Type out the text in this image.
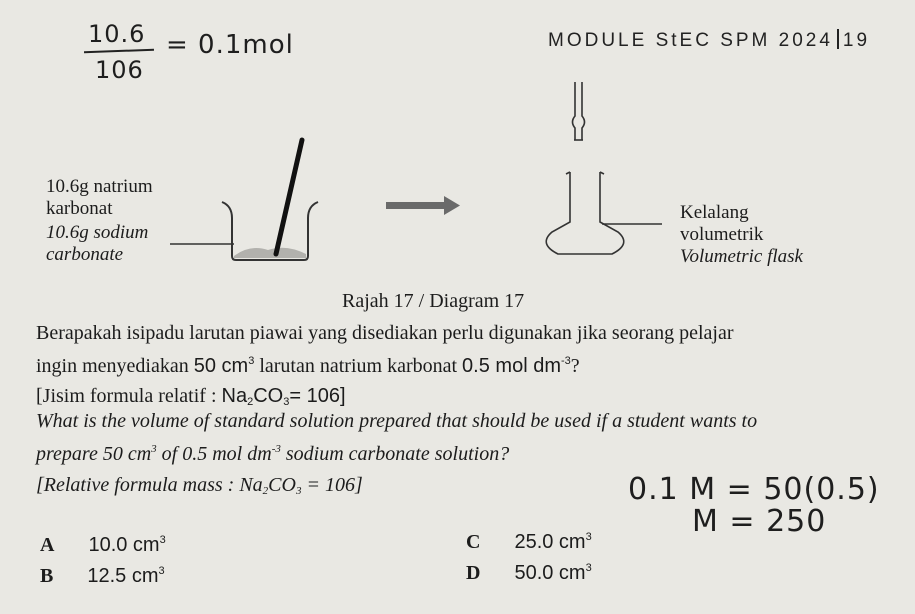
10.6
106
= 0.1mol	MODULE StEC SPM 2024 19
10.6g natrium
karbonat
10.6g sodium
carbonate
Kelalang
volumetrik
Volumetric flask
Rajah 17 / Diagram 17
Berapakah isipadu larutan piawai yang disediakan perlu digunakan jika seorang pelajar
ingin menyediakan 50 $cm^3$ larutan natrium karbonat 0.5 mol $dm^{-3}$?
[Jisim formula relatif : $Na_2CO_3= 106$]
What is the volume of standard solution prepared that should be used if a student wants to
prepare 50 $cm^3$ of 0.5 mol $dm^{-3}$ sodium carbonate solution?
[Relative formula mass : $Na_2CO_3 = 106$]
A 10.0 $cm^3$
B 12.5 $cm^3$
C 25.0 $cm^3$
D 50.0 $cm^3$
0.1 M = 50(0.5)
M = 250
